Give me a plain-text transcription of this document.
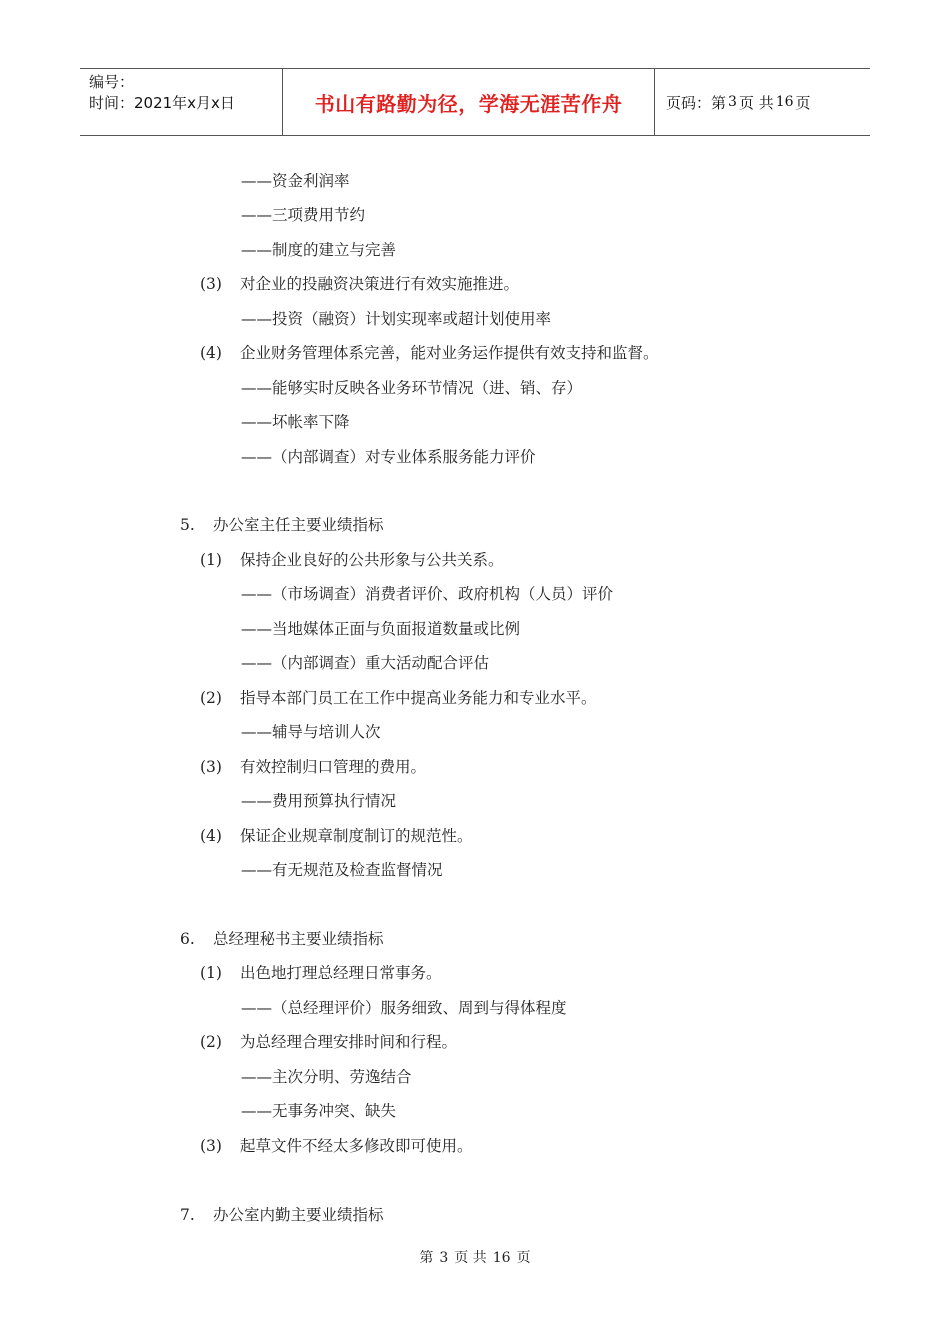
编号：
时间：2021年x月x日	书山有路勤为径，学海无涯苦作舟	页码：第 3 页 共 16 页
——资金利润率
——三项费用节约
——制度的建立与完善
(3) 对企业的投融资决策进行有效实施推进。
——投资（融资）计划实现率或超计划使用率
(4) 企业财务管理体系完善，能对业务运作提供有效支持和监督。
——能够实时反映各业务环节情况（进、销、存）
——坏帐率下降
——（内部调查）对专业体系服务能力评价
5. 办公室主任主要业绩指标
(1) 保持企业良好的公共形象与公共关系。
——（市场调查）消费者评价、政府机构（人员）评价
——当地媒体正面与负面报道数量或比例
——（内部调查）重大活动配合评估
(2) 指导本部门员工在工作中提高业务能力和专业水平。
——辅导与培训人次
(3) 有效控制归口管理的费用。
——费用预算执行情况
(4) 保证企业规章制度制订的规范性。
——有无规范及检查监督情况
6. 总经理秘书主要业绩指标
(1) 出色地打理总经理日常事务。
——（总经理评价）服务细致、周到与得体程度
(2) 为总经理合理安排时间和行程。
——主次分明、劳逸结合
——无事务冲突、缺失
(3) 起草文件不经太多修改即可使用。
7. 办公室内勤主要业绩指标
第 3 页 共 16 页
